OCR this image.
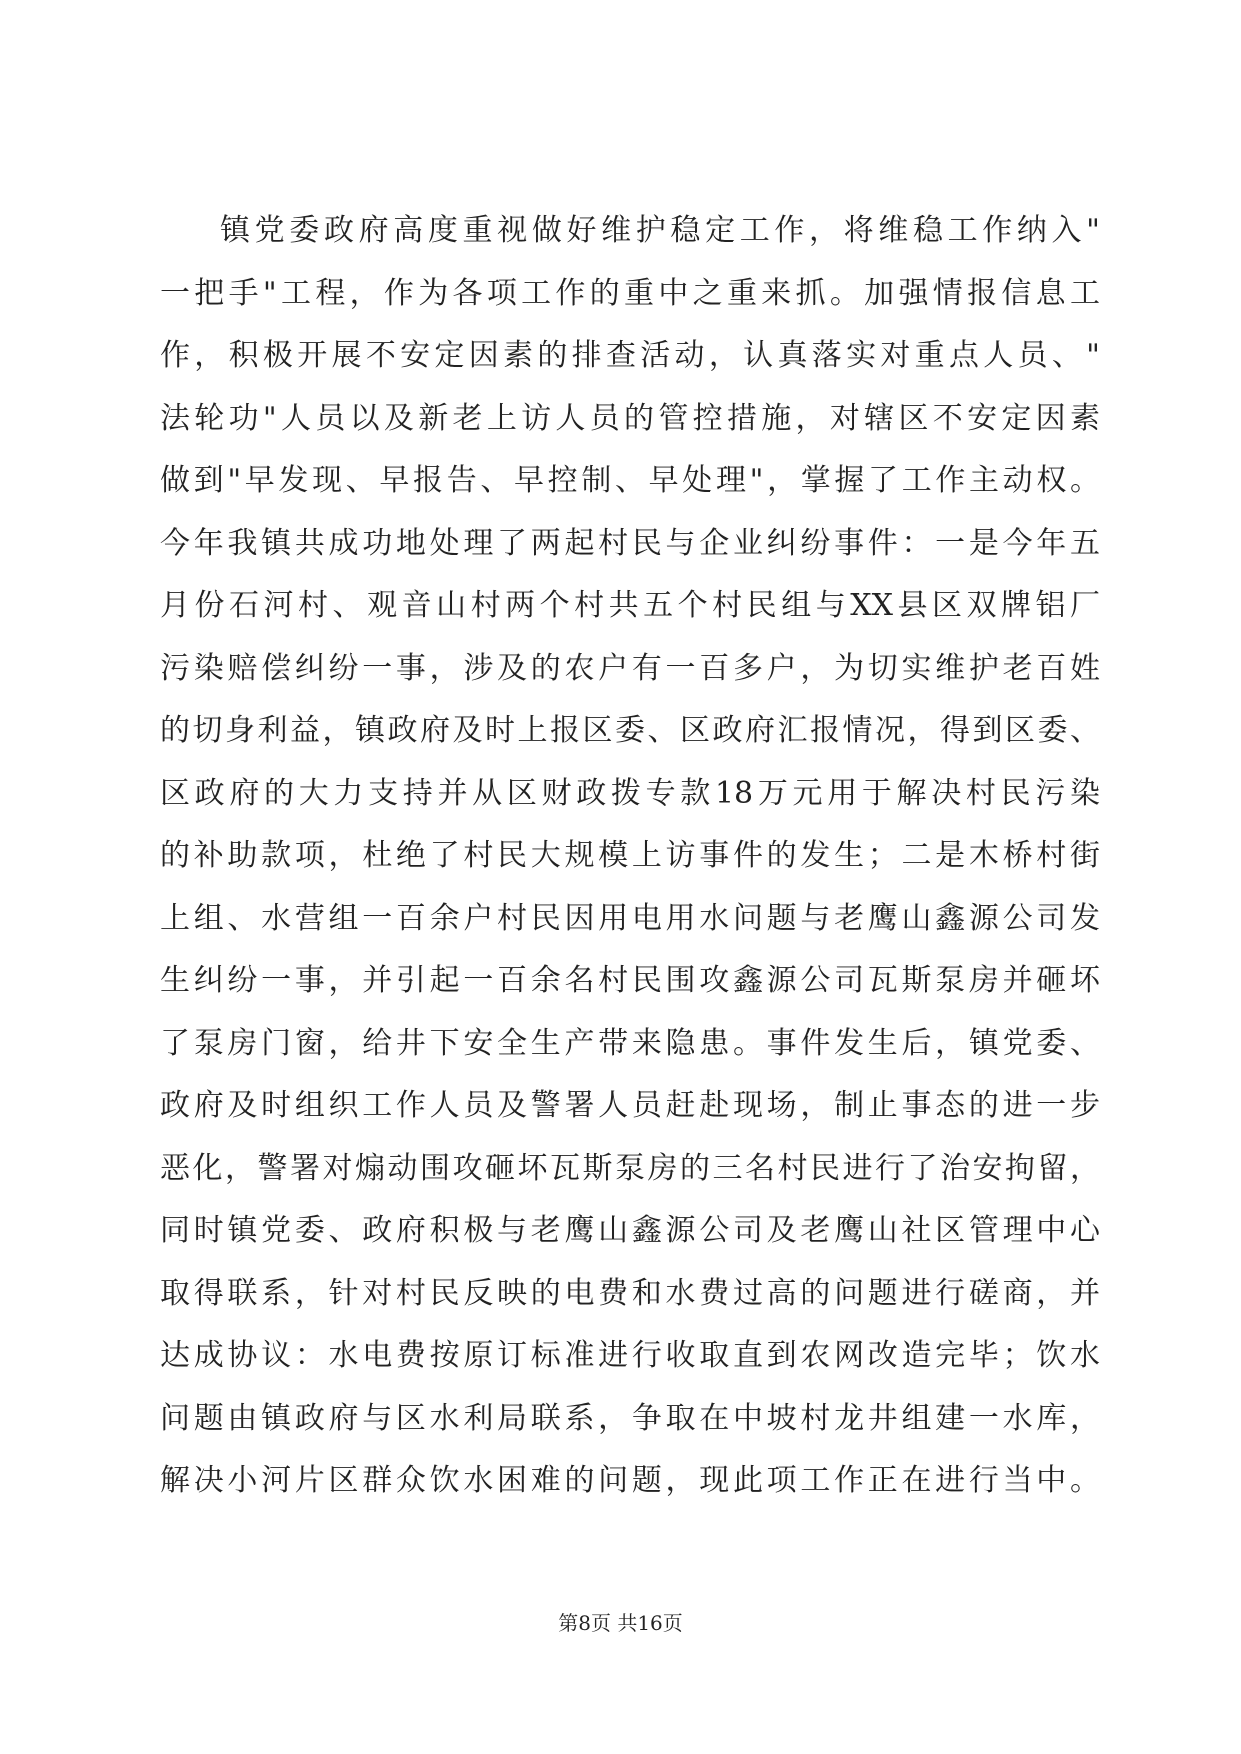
镇党委政府高度重视做好维护稳定工作，将维稳工作纳入"
一把手"工程，作为各项工作的重中之重来抓。加强情报信息工
作，积极开展不安定因素的排查活动，认真落实对重点人员、"
法轮功"人员以及新老上访人员的管控措施，对辖区不安定因素
做到"早发现、早报告、早控制、早处理"，掌握了工作主动权。
今年我镇共成功地处理了两起村民与企业纠纷事件：一是今年五
月份石河村、观音山村两个村共五个村民组与XX县区双牌铝厂
污染赔偿纠纷一事，涉及的农户有一百多户，为切实维护老百姓
的切身利益，镇政府及时上报区委、区政府汇报情况，得到区委、
区政府的大力支持并从区财政拨专款18万元用于解决村民污染
的补助款项，杜绝了村民大规模上访事件的发生；二是木桥村街
上组、水营组一百余户村民因用电用水问题与老鹰山鑫源公司发
生纠纷一事，并引起一百余名村民围攻鑫源公司瓦斯泵房并砸坏
了泵房门窗，给井下安全生产带来隐患。事件发生后，镇党委、
政府及时组织工作人员及警署人员赶赴现场，制止事态的进一步
恶化，警署对煽动围攻砸坏瓦斯泵房的三名村民进行了治安拘留，
同时镇党委、政府积极与老鹰山鑫源公司及老鹰山社区管理中心
取得联系，针对村民反映的电费和水费过高的问题进行磋商，并
达成协议：水电费按原订标准进行收取直到农网改造完毕；饮水
问题由镇政府与区水利局联系，争取在中坡村龙井组建一水库，
解决小河片区群众饮水困难的问题，现此项工作正在进行当中。
第8页 共16页
